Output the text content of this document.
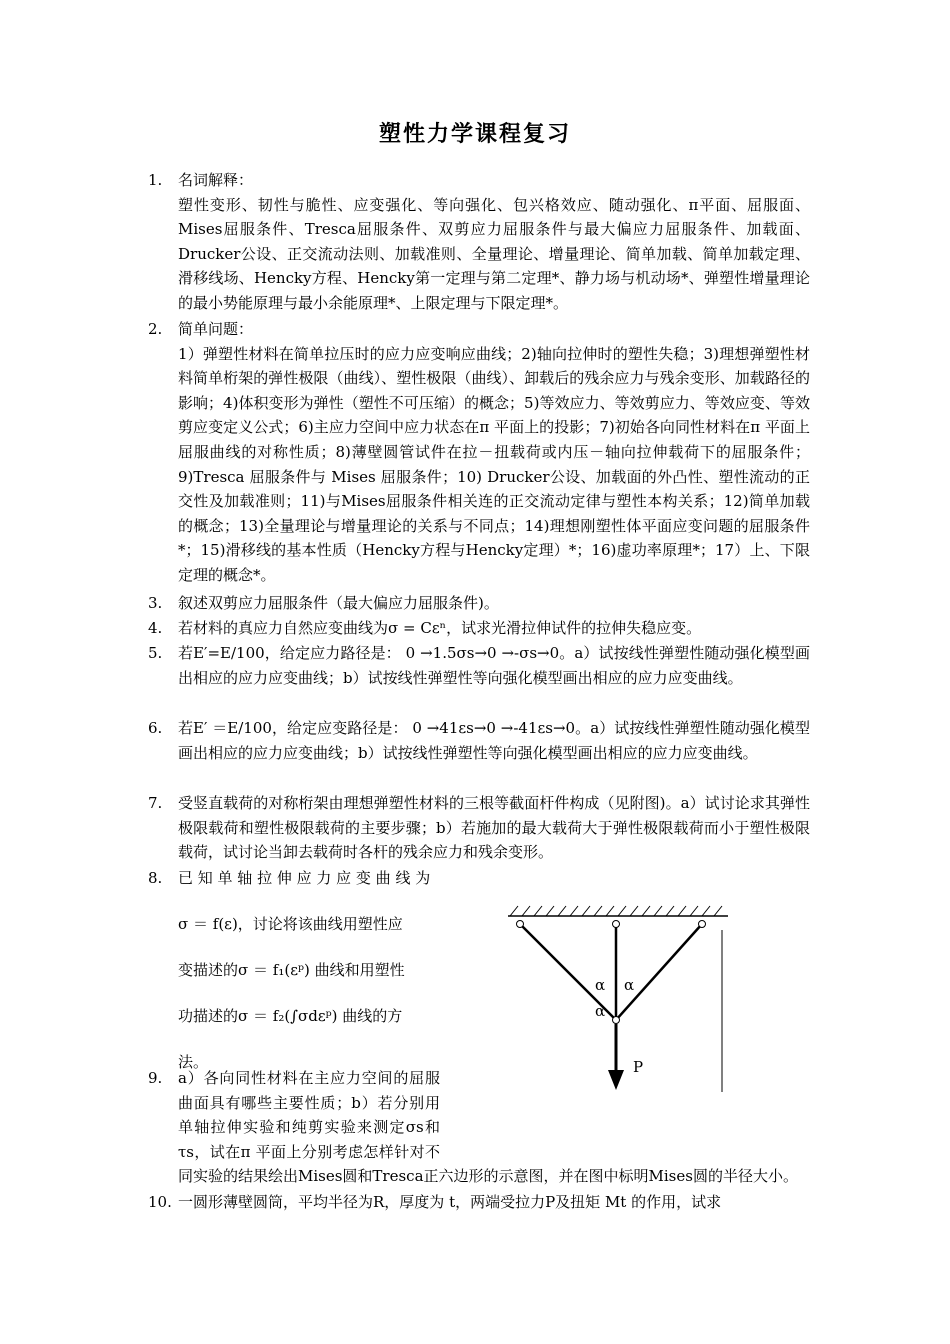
塑性力学课程复习
1.	名词解释：

塑性变形、韧性与脆性、应变强化、等向强化、包兴格效应、随动强化、π平面、屈服面、Mises屈服条件、Tresca屈服条件、双剪应力屈服条件与最大偏应力屈服条件、加载面、Drucker公设、正交流动法则、加载准则、全量理论、增量理论、简单加载、简单加载定理、滑移线场、Hencky方程、Hencky第一定理与第二定理*、静力场与机动场*、弹塑性增量理论的最小势能原理与最小余能原理*、上限定理与下限定理*。

2.	简单问题：

1）弹塑性材料在简单拉压时的应力应变响应曲线；2)轴向拉伸时的塑性失稳；3)理想弹塑性材料简单桁架的弹性极限（曲线）、塑性极限（曲线）、卸载后的残余应力与残余变形、加载路径的影响；4)体积变形为弹性（塑性不可压缩）的概念；5)等效应力、等效剪应力、等效应变、等效剪应变定义公式；6)主应力空间中应力状态在π 平面上的投影；7)初始各向同性材料在π 平面上屈服曲线的对称性质；8)薄壁圆管试件在拉－扭载荷或内压－轴向拉伸载荷下的屈服条件；9)Tresca 屈服条件与 Mises 屈服条件；10) Drucker公设、加载面的外凸性、塑性流动的正交性及加载准则；11)与Mises屈服条件相关连的正交流动定律与塑性本构关系；12)简单加载的概念；13)全量理论与增量理论的关系与不同点；14)理想刚塑性体平面应变问题的屈服条件*；15)滑移线的基本性质（Hencky方程与Hencky定理）*；16)虚功率原理*；17）上、下限定理的概念*。

3.	叙述双剪应力屈服条件（最大偏应力屈服条件)。

4.	若材料的真应力自然应变曲线为σ = Cεⁿ，试求光滑拉伸试件的拉伸失稳应变。

5.	若E′=E/100，给定应力路径是： 0 →1.5σs→0 →-σs→0。a）试按线性弹塑性随动强化模型画出相应的应力应变曲线；b）试按线性弹塑性等向强化模型画出相应的应力应变曲线。

6.	若E′ ＝E/100，给定应变路径是： 0 →41εs→0 →-41εs→0。a）试按线性弹塑性随动强化模型画出相应的应力应变曲线；b）试按线性弹塑性等向强化模型画出相应的应力应变曲线。

7.	受竖直载荷的对称桁架由理想弹塑性材料的三根等截面杆件构成（见附图)。a）试讨论求其弹性极限载荷和塑性极限载荷的主要步骤；b）若施加的最大载荷大于弹性极限载荷而小于塑性极限载荷，试讨论当卸去载荷时各杆的残余应力和残余变形。

8.	已 知 单 轴 拉 伸 应 力 应 变 曲 线 为

σ ＝ f(ε)，讨论将该曲线用塑性应

变描述的σ ＝ f₁(εᵖ) 曲线和用塑性

功描述的σ ＝ f₂(∫σdεᵖ) 曲线的方

法。

9.	a）各向同性材料在主应力空间的屈服曲面具有哪些主要性质；b）若分别用单轴拉伸实验和纯剪实验来测定σs和τs，试在π 平面上分别考虑怎样针对不同实验的结果绘出Mises圆和Tresca正六边形的示意图，并在图中标明Mises圆的半径大小。
10. 一圆形薄壁圆筒，平均半径为R，厚度为 t，两端受拉力P及扭矩 Mt 的作用，试求

α α
α
P
